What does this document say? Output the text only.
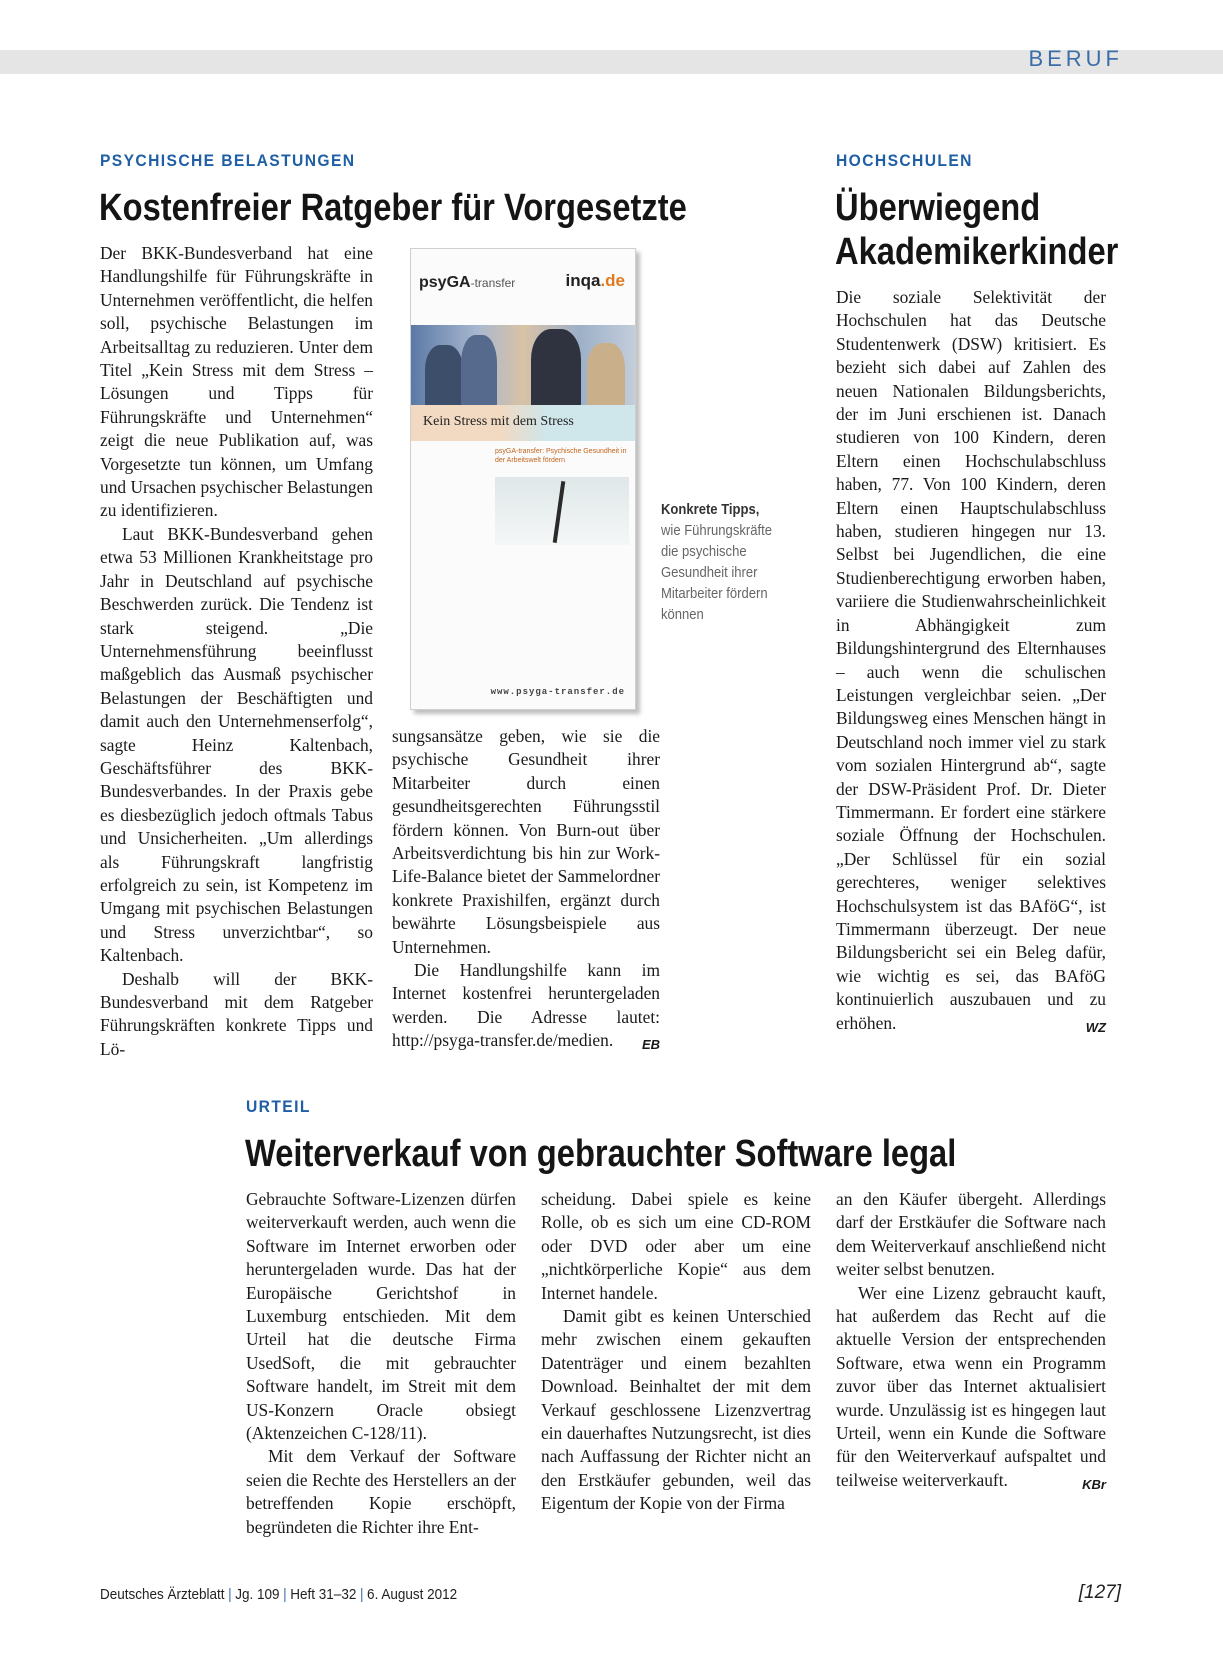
BERUF
PSYCHISCHE BELASTUNGEN
Kostenfreier Ratgeber für Vorgesetzte

Der BKK-Bundesverband hat eine Handlungshilfe für Führungskräfte in Unternehmen veröffentlicht, die helfen soll, psychische Belastungen im Arbeitsalltag zu reduzieren. Unter dem Titel „Kein Stress mit dem Stress – Lösungen und Tipps für Führungskräfte und Unternehmen“ zeigt die neue Publikation auf, was Vorgesetzte tun können, um Umfang und Ursachen psychischer Belastungen zu identifizieren.

Laut BKK-Bundesverband gehen etwa 53 Millionen Krankheitstage pro Jahr in Deutschland auf psychische Beschwerden zurück. Die Tendenz ist stark steigend. „Die Unternehmensführung beeinflusst maßgeblich das Ausmaß psychischer Belastungen der Beschäftigten und damit auch den Unternehmenserfolg“, sagte Heinz Kaltenbach, Geschäftsführer des BKK-Bundesverbandes. In der Praxis gebe es diesbezüglich jedoch oftmals Tabus und Unsicherheiten. „Um allerdings als Führungskraft langfristig erfolgreich zu sein, ist Kompetenz im Umgang mit psychischen Belastungen und Stress unverzichtbar“, so Kaltenbach.

Deshalb will der BKK-Bundesverband mit dem Ratgeber Führungskräften konkrete Tipps und Lö-

psyGA-transfer	inqa.de
Kein Stress mit dem Stress
psyGA-transfer: Psychische Gesundheit in der Arbeitswelt fördern
www.psyga-transfer.de
Konkrete Tipps,
wie Führungskräfte die psychische Gesundheit ihrer Mitarbeiter fördern können

sungsansätze geben, wie sie die psychische Gesundheit ihrer Mitarbeiter durch einen gesundheitsgerechten Führungsstil fördern können. Von Burn-out über Arbeitsverdichtung bis hin zur Work-Life-Balance bietet der Sammelordner konkrete Praxishilfen, ergänzt durch bewährte Lösungsbeispiele aus Unternehmen.

Die Handlungshilfe kann im Internet kostenfrei heruntergeladen werden. Die Adresse lautet: http://psyga-transfer.de/medien.	EB

HOCHSCHULEN
Überwiegend
Akademikerkinder

Die soziale Selektivität der Hochschulen hat das Deutsche Studentenwerk (DSW) kritisiert. Es bezieht sich dabei auf Zahlen des neuen Nationalen Bildungsberichts, der im Juni erschienen ist. Danach studieren von 100 Kindern, deren Eltern einen Hochschulabschluss haben, 77. Von 100 Kindern, deren Eltern einen Hauptschulabschluss haben, studieren hingegen nur 13. Selbst bei Jugendlichen, die eine Studienberechtigung erworben haben, variiere die Studienwahrscheinlichkeit in Abhängigkeit zum Bildungshintergrund des Elternhauses – auch wenn die schulischen Leistungen vergleichbar seien. „Der Bildungsweg eines Menschen hängt in Deutschland noch immer viel zu stark vom sozialen Hintergrund ab“, sagte der DSW-Präsident Prof. Dr. Dieter Timmermann. Er fordert eine stärkere soziale Öffnung der Hochschulen. „Der Schlüssel für ein sozial gerechteres, weniger selektives Hochschulsystem ist das BAföG“, ist Timmermann überzeugt. Der neue Bildungsbericht sei ein Beleg dafür, wie wichtig es sei, das BAföG kontinuierlich auszubauen und zu erhöhen.	WZ

URTEIL
Weiterverkauf von gebrauchter Software legal

Gebrauchte Software-Lizenzen dürfen weiterverkauft werden, auch wenn die Software im Internet erworben oder heruntergeladen wurde. Das hat der Europäische Gerichtshof in Luxemburg entschieden. Mit dem Urteil hat die deutsche Firma UsedSoft, die mit gebrauchter Software handelt, im Streit mit dem US-Konzern Oracle obsiegt (Aktenzeichen C-128/11).

Mit dem Verkauf der Software seien die Rechte des Herstellers an der betreffenden Kopie erschöpft, begründeten die Richter ihre Ent-

scheidung. Dabei spiele es keine Rolle, ob es sich um eine CD-ROM oder DVD oder aber um eine „nichtkörperliche Kopie“ aus dem Internet handele.

Damit gibt es keinen Unterschied mehr zwischen einem gekauften Datenträger und einem bezahlten Download. Beinhaltet der mit dem Verkauf geschlossene Lizenzvertrag ein dauerhaftes Nutzungsrecht, ist dies nach Auffassung der Richter nicht an den Erstkäufer gebunden, weil das Eigentum der Kopie von der Firma

an den Käufer übergeht. Allerdings darf der Erstkäufer die Software nach dem Weiterverkauf anschließend nicht weiter selbst benutzen.

Wer eine Lizenz gebraucht kauft, hat außerdem das Recht auf die aktuelle Version der entsprechenden Software, etwa wenn ein Programm zuvor über das Internet aktualisiert wurde. Unzulässig ist es hingegen laut Urteil, wenn ein Kunde die Software für den Weiterverkauf aufspaltet und teilweise weiterverkauft.	KBr

Deutsches Ärzteblatt | Jg. 109 | Heft 31–32 | 6. August 2012	[127]
